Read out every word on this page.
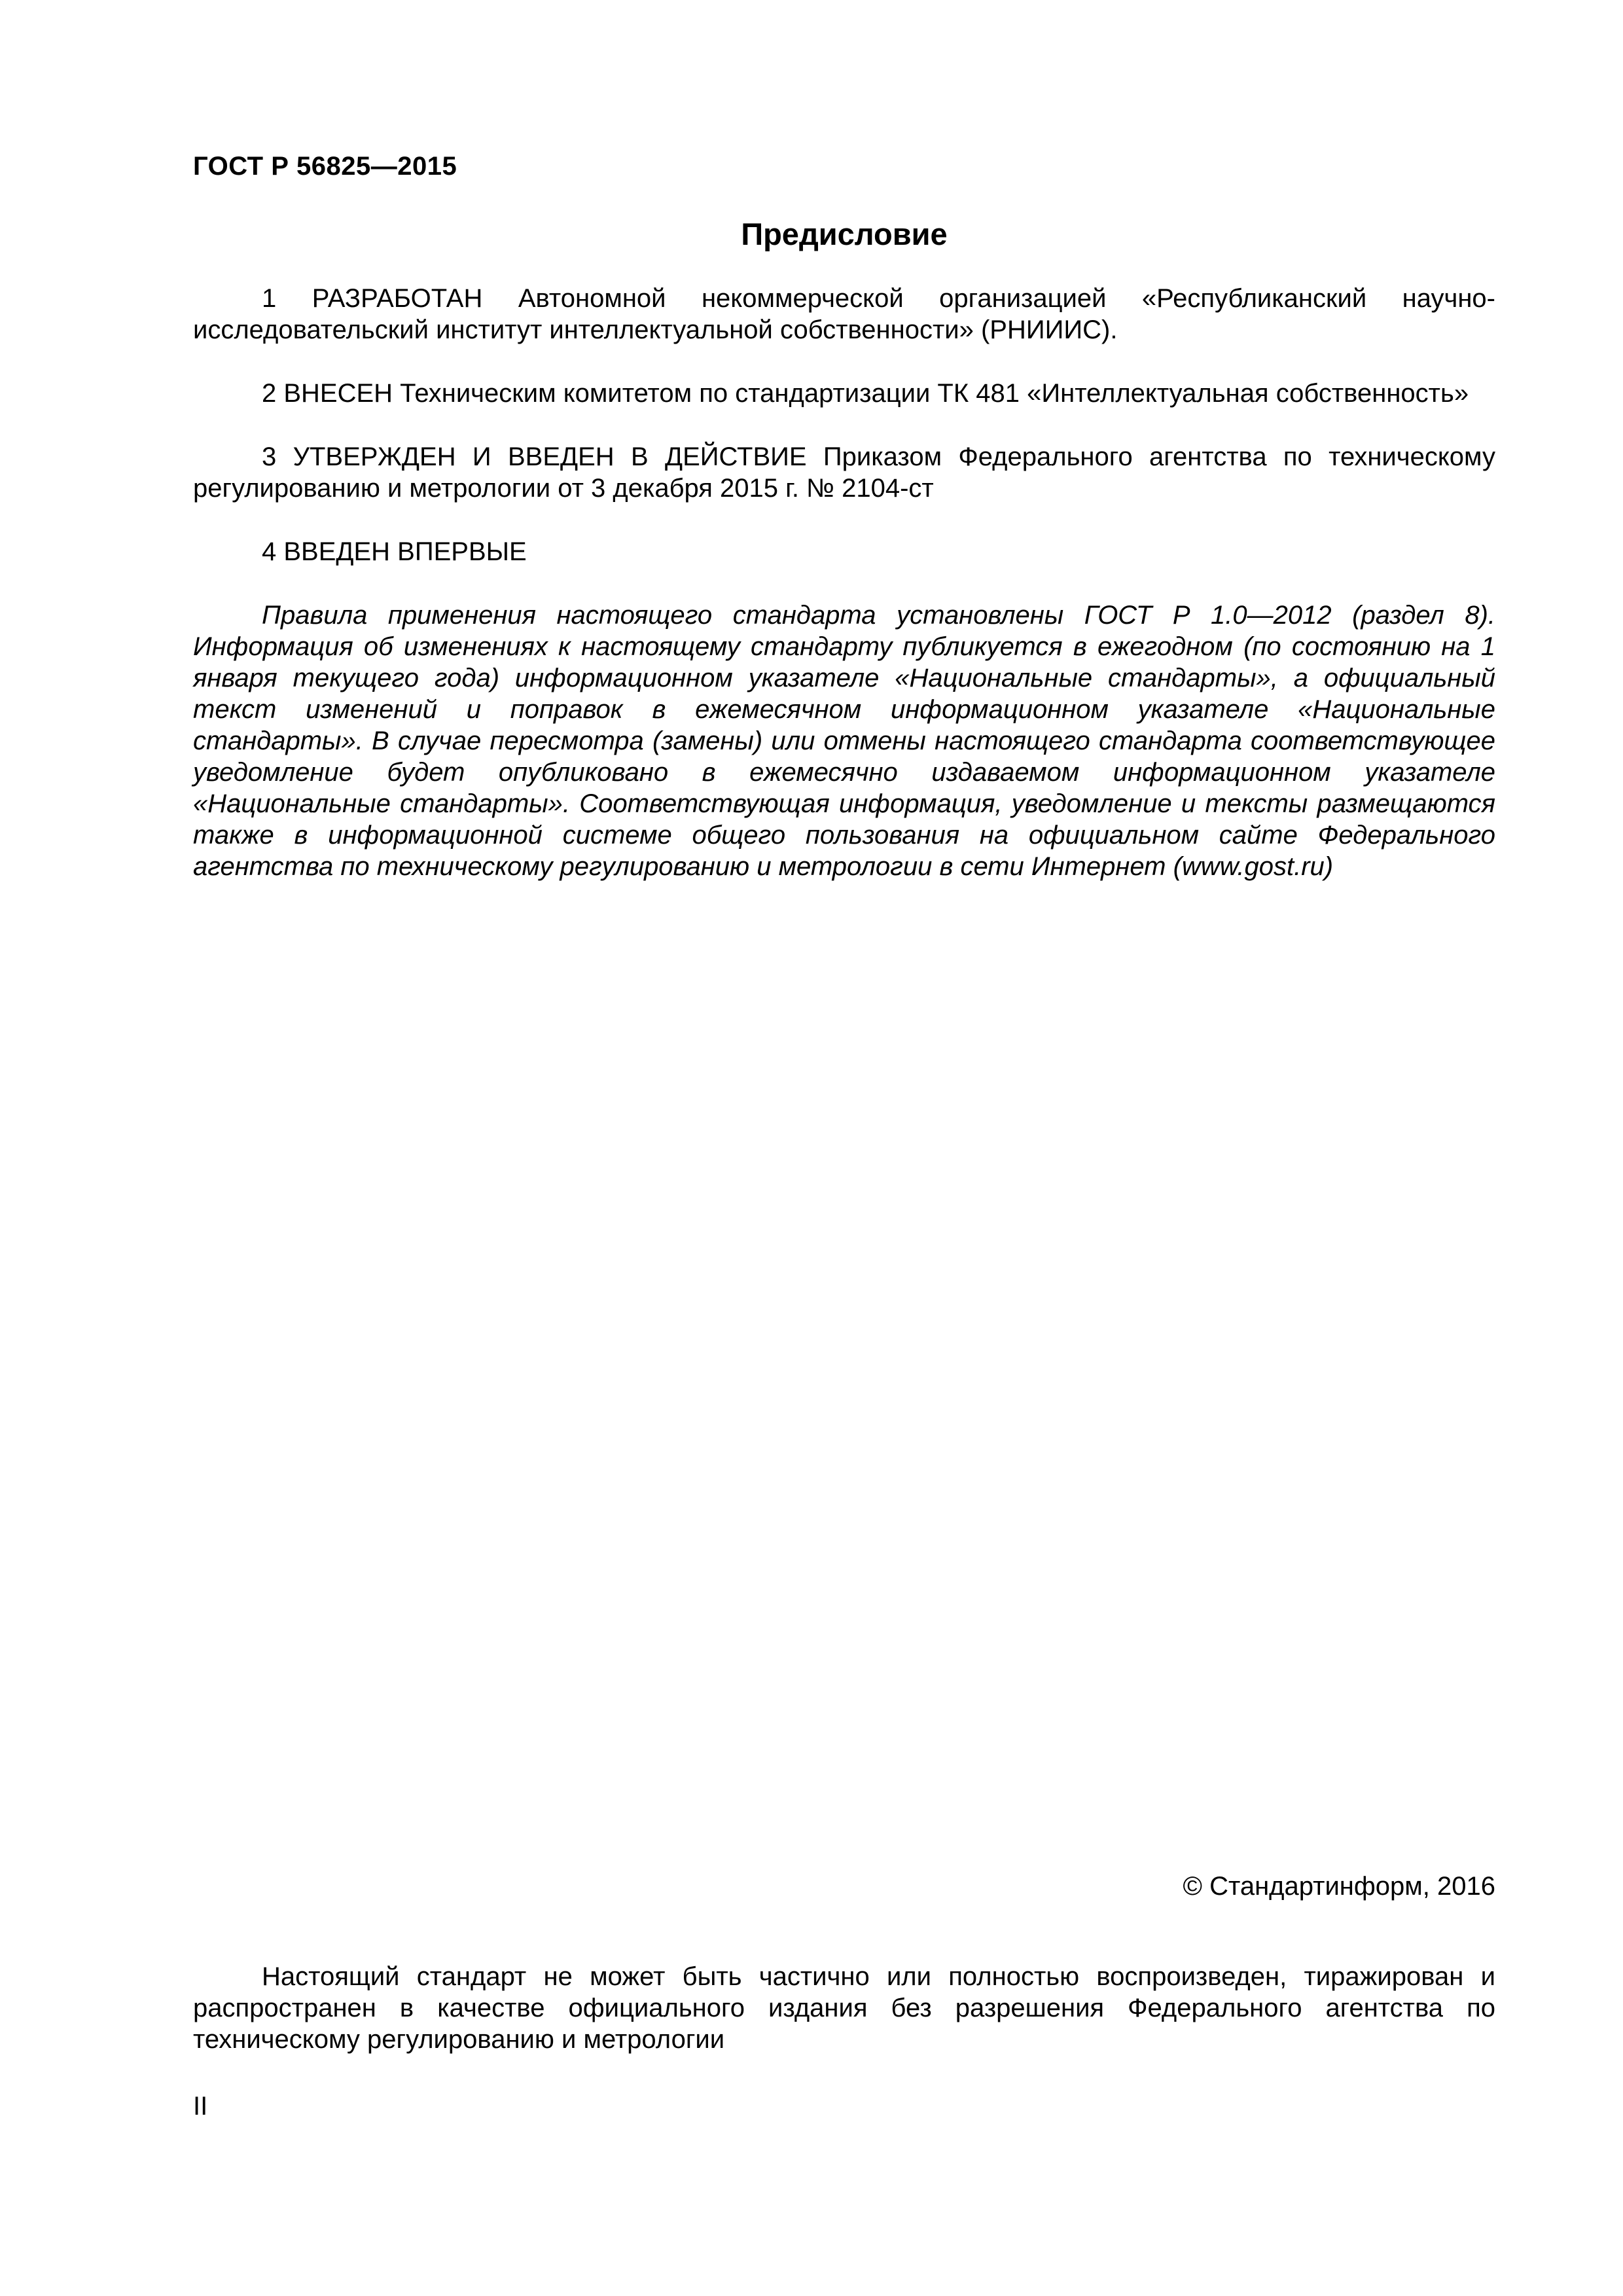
ГОСТ Р 56825—2015
Предисловие

1 РАЗРАБОТАН Автономной некоммерческой организацией «Республиканский научно-исследовательский институт интеллектуальной собственности» (РНИИИС).

2 ВНЕСЕН Техническим комитетом по стандартизации ТК 481 «Интеллектуальная собственность»

3 УТВЕРЖДЕН И ВВЕДЕН В ДЕЙСТВИЕ Приказом Федерального агентства по техническому регулированию и метрологии от 3 декабря 2015 г. № 2104-ст

4 ВВЕДЕН ВПЕРВЫЕ

Правила применения настоящего стандарта установлены ГОСТ Р 1.0—2012 (раздел 8). Информация об изменениях к настоящему стандарту публикуется в ежегодном (по состоянию на 1 января текущего года) информационном указателе «Национальные стандарты», а официальный текст изменений и поправок в ежемесячном информационном указателе «Национальные стандарты». В случае пересмотра (замены) или отмены настоящего стандарта соответствующее уведомление будет опубликовано в ежемесячно издаваемом информационном указателе «Национальные стандарты». Соответствующая информация, уведомление и тексты размещаются также в информационной системе общего пользования на официальном сайте Федерального агентства по техническому регулированию и метрологии в сети Интернет (www.gost.ru)

© Стандартинформ, 2016

Настоящий стандарт не может быть частично или полностью воспроизведен, тиражирован и распространен в качестве официального издания без разрешения Федерального агентства по техническому регулированию и метрологии

II
